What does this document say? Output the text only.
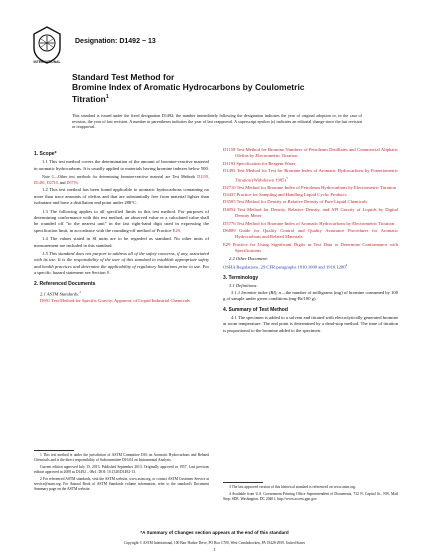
INTERNATIONAL
Designation: D1492 − 13
Standard Test Method for
Bromine Index of Aromatic Hydrocarbons by Coulometric
Titration$^1$
This standard is issued under the fixed designation D1492; the number immediately following the designation indicates the year of original adoption or, in the case of revision, the year of last revision. A number in parentheses indicates the year of last reapproval. A superscript epsilon (ε) indicates an editorial change since the last revision or reapproval.
1. Scope*
1.1 This test method covers the determination of the amount of bromine-reactive material in aromatic hydrocarbons. It is usually applied to materials having bromine indexes below 500.
Note 1—Other test methods for determining bromine-reactive material are Test Methods D1159, D1491, D2710, and D5776.
1.2 This test method has been found applicable to aromatic hydrocarbons containing no more than trace amounts of olefins and that are substantially free from material lighter than isobutane and have a distillation end point under 288°C.
1.3 The following applies to all specified limits in this test method. For purposes of determining conformance with this test method, an observed value or a calculated value shall be rounded off "to the nearest unit" in the last right-hand digit used in expressing the specification limit, in accordance with the rounding-off method of Practice E29.
1.4 The values stated in SI units are to be regarded as standard. No other units of measurement are included in this standard.
1.5 This standard does not purport to address all of the safety concerns, if any, associated with its use. It is the responsibility of the user of this standard to establish appropriate safety and health practices and determine the applicability of regulatory limitations prior to use. For a specific hazard statement see Section 8.
2. Referenced Documents
2.1 ASTM Standards:$^2$
D691 Test Method for Specific Gravity, Apparent, of Liquid Industrial Chemicals
D1159 Test Method for Bromine Numbers of Petroleum Distillates and Commercial Aliphatic Olefins by Electrometric Titration
D1193 Specification for Reagent Water
D1491 Test Method for Test for Bromine Index of Aromatic Hydrocarbons by Potentiometric Titration (Withdrawn 1985)$^3$
D2710 Test Method for Bromine Index of Petroleum Hydrocarbons by Electrometric Titration
D3437 Practice for Sampling and Handling Liquid Cyclic Products
D3505 Test Method for Density or Relative Density of Pure Liquid Chemicals
D4052 Test Method for Density, Relative Density, and API Gravity of Liquids by Digital Density Meter
D5776 Test Method for Bromine Index of Aromatic Hydrocarbons by Electrometric Titration
D6809 Guide for Quality Control and Quality Assurance Procedures for Aromatic Hydrocarbons and Related Materials
E29 Practice for Using Significant Digits in Test Data to Determine Conformance with Specifications
2.2 Other Document:
OSHA Regulations, 29 CFR paragraphs 1910.1000 and 1910.1200$^4$
3. Terminology
3.1 Definitions:
3.1.1 bromine index (BI), n—the number of milligrams (mg) of bromine consumed by 100 g of sample under given conditions (mg-Br/100 g).
4. Summary of Test Method
4.1 The specimen is added to a solvent and titrated with electrolytically generated bromine at room temperature. The end point is determined by a dead-stop method. The time of titration is proportional to the bromine added to the specimen.

1 This test method is under the jurisdiction of ASTM Committee D16 on Aromatic Hydrocarbons and Related Chemicals and is the direct responsibility of Subcommittee D16.04 on Instrumental Analysis.

Current edition approved July 15, 2013. Published September 2013. Originally approved in 1957. Last previous edition approved in 2008 as D1492 – 08ε1. DOI: 10.1520/D1492-13.

2 For referenced ASTM standards, visit the ASTM website, www.astm.org, or contact ASTM Customer Service at service@astm.org. For Annual Book of ASTM Standards volume information, refer to the standard's Document Summary page on the ASTM website.	3 The last approved version of this historical standard is referenced on www.astm.org.

4 Available from U.S. Government Printing Office Superintendent of Documents, 732 N. Capitol St., NW, Mail Stop: SDE, Washington, DC 20401, http://www.access.gpo.gov.

*A Summary of Changes section appears at the end of this standard
Copyright © ASTM International, 100 Barr Harbor Drive, PO Box C700, West Conshohocken, PA 19428-2959. United States
1
